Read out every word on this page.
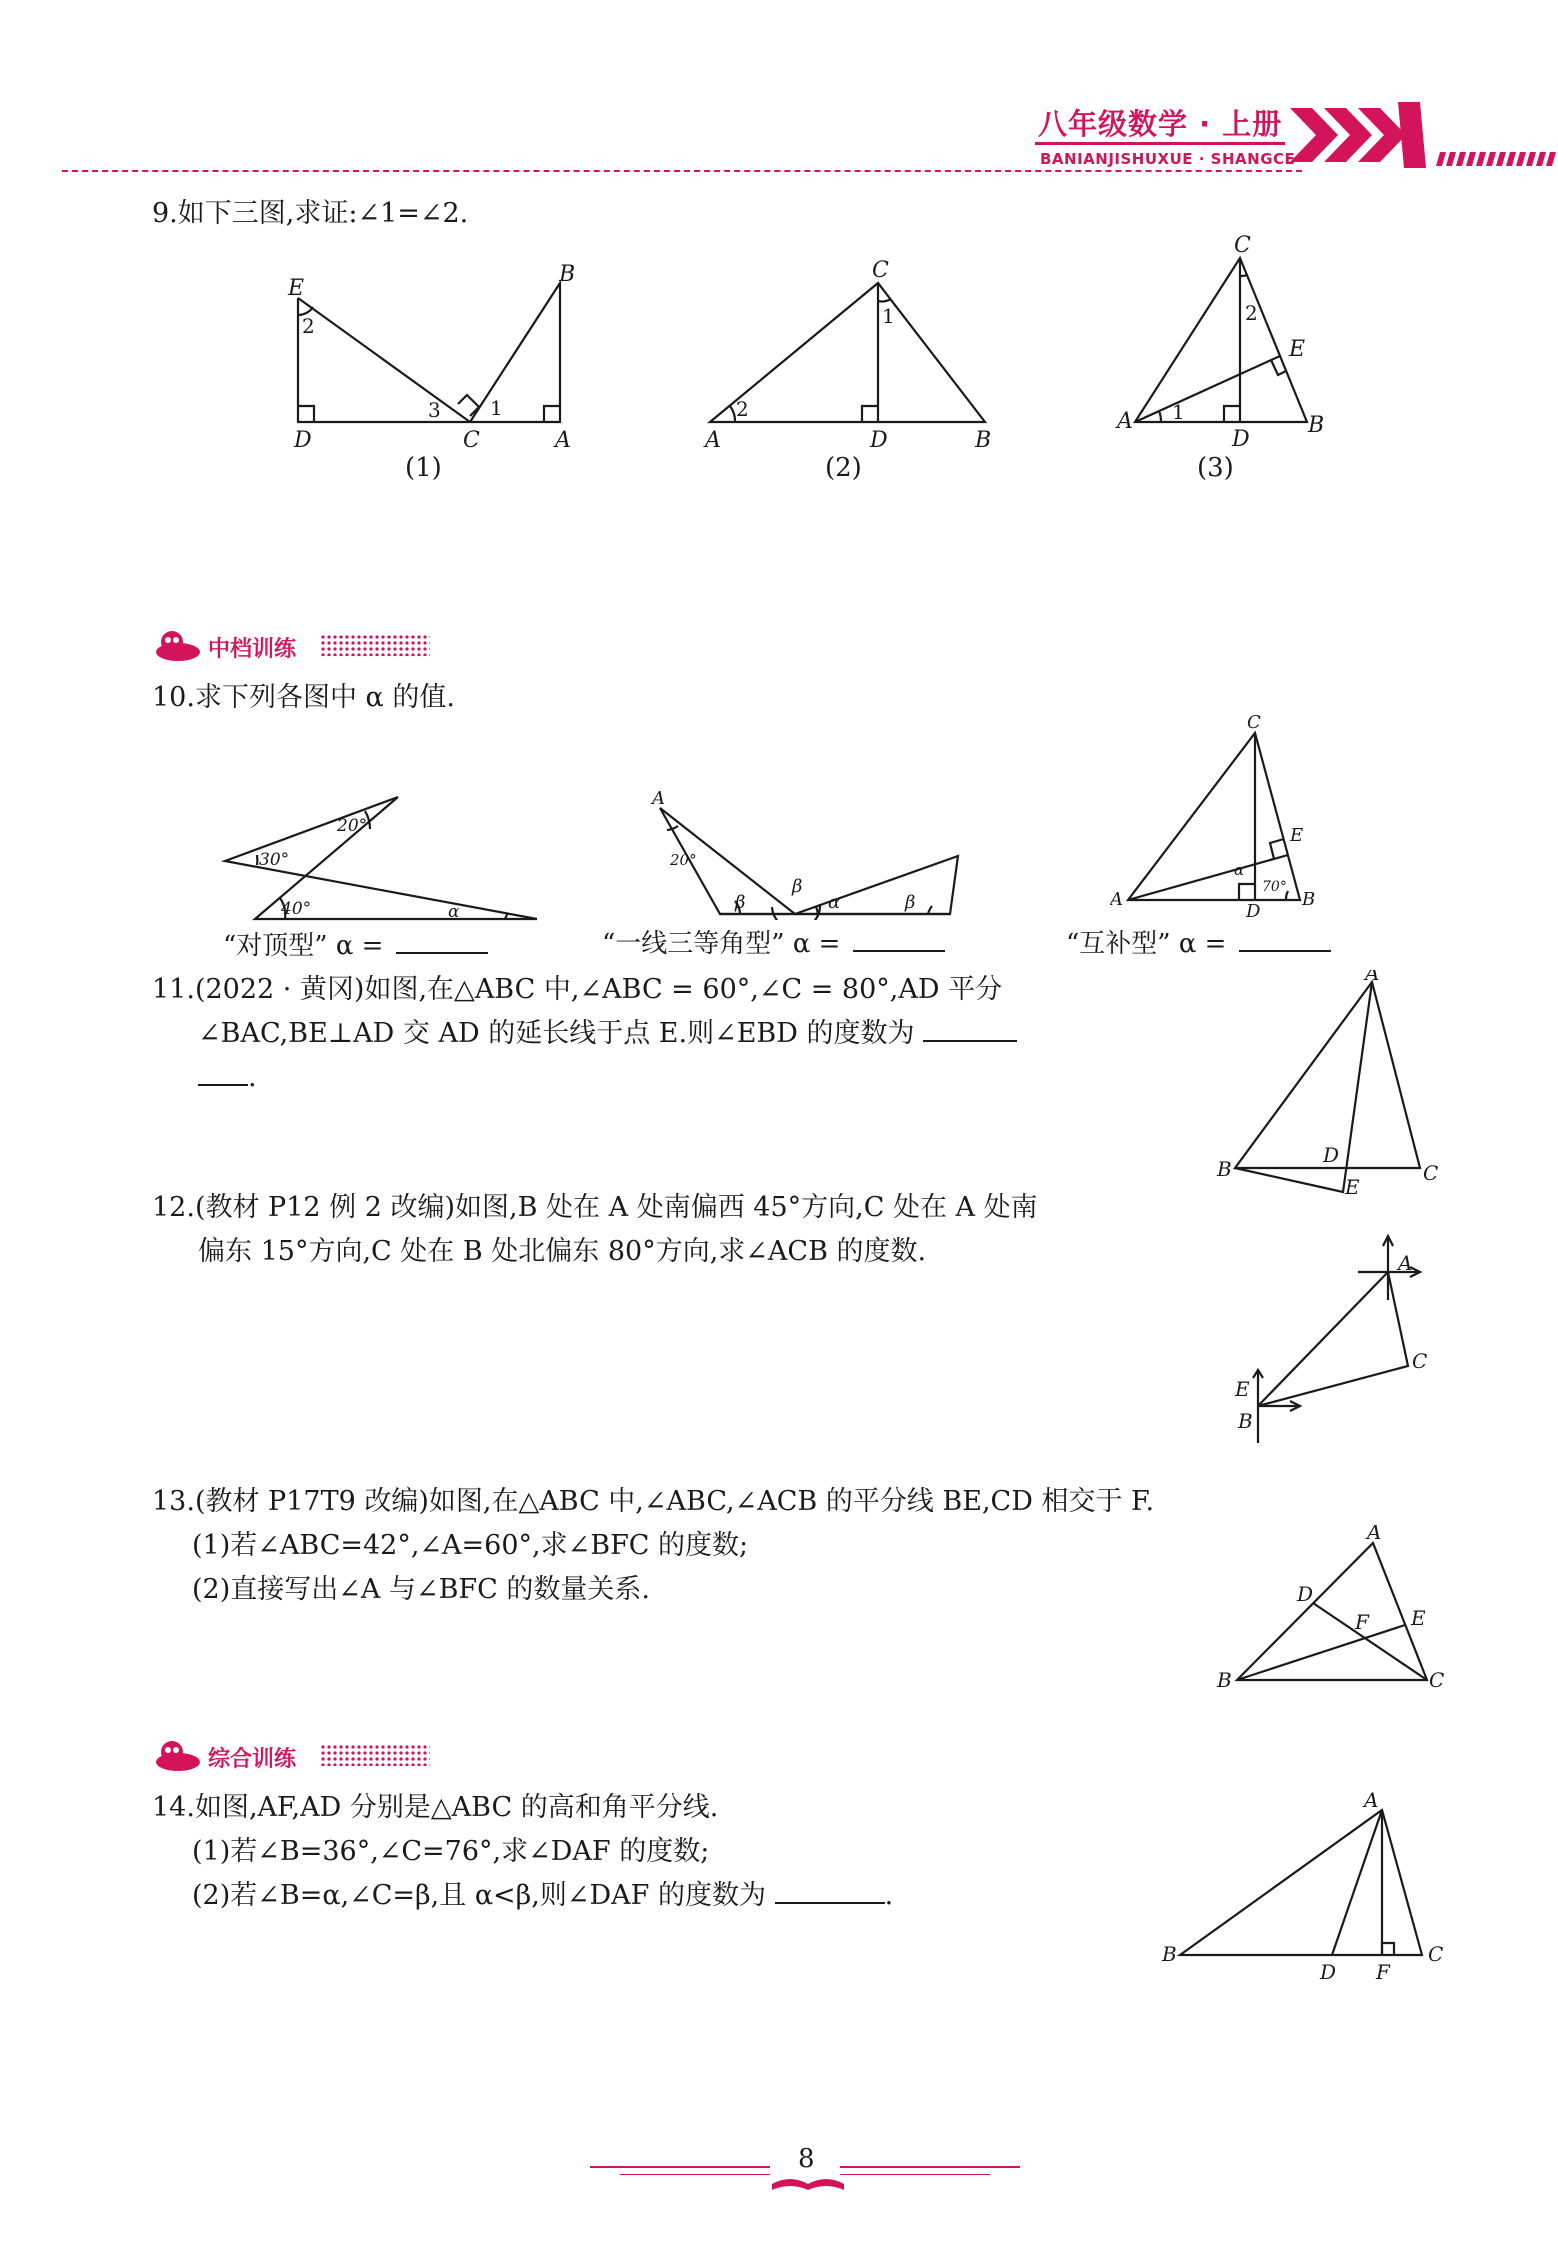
八年级数学 · 上册
BANIANJISHUXUE · SHANGCE
9.如下三图,求证:∠1=∠2.
E
B
D	C	A
2
3 1
(1)
C
A	D	B
2
1
(2)
C
A
D
B
E
2
1
(3)
中档训练
10.求下列各图中 α 的值.
30°
20°
40°	α
“对顶型” α =
A
20°
β
β
α	β
“一线三等角型” α =
C
A
D
B
E
α
70°
“互补型” α =
11.(2022 · 黄冈)如图,在△ABC 中,∠ABC = 60°,∠C = 80°,AD 平分
∠BAC,BE⊥AD 交 AD 的延长线于点 E.则∠EBD 的度数为
.
A
B	C
D
E
12.(教材 P12 例 2 改编)如图,B 处在 A 处南偏西 45°方向,C 处在 A 处南
偏东 15°方向,C 处在 B 处北偏东 80°方向,求∠ACB 的度数.	A
C
E
B
13.(教材 P17T9 改编)如图,在△ABC 中,∠ABC,∠ACB 的平分线 BE,CD 相交于 F.
(1)若∠ABC=42°,∠A=60°,求∠BFC 的度数;
(2)直接写出∠A 与∠BFC 的数量关系.
A
B	C
D
E
F
综合训练
14.如图,AF,AD 分别是△ABC 的高和角平分线.
(1)若∠B=36°,∠C=76°,求∠DAF 的度数;
(2)若∠B=α,∠C=β,且 α<β,则∠DAF 的度数为	.
A
B	C
D F
8
